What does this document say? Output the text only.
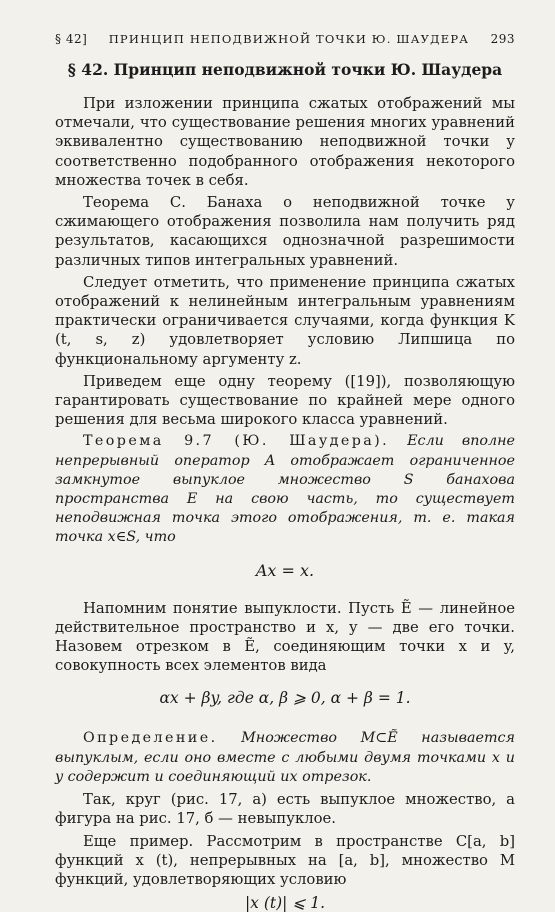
§ 42]	ПРИНЦИП НЕПОДВИЖНОЙ ТОЧКИ Ю. ШАУДЕРА	293
§ 42. Принцип неподвижной точки Ю. Шаудера

При изложении принципа сжатых отображений мы отмечали, что существование решения многих уравнений эквивалентно существованию неподвижной точки у соответственно подобранного отображения некоторого множества точек в себя.

Теорема С. Банаха о неподвижной точке у сжимающего отображения позволила нам получить ряд результатов, касающихся однозначной разрешимости различных типов интегральных уравнений.

Следует отметить, что применение принципа сжатых отображений к нелинейным интегральным уравнениям практически ограничивается случаями, когда функция K (t, s, z) удовлетворяет условию Липшица по функциональному аргументу z.

Приведем еще одну теорему ([19]), позволяющую гарантировать существование по крайней мере одного решения для весьма широкого класса уравнений.

Теорема 9.7 (Ю. Шаудера). Если вполне непрерывный оператор A отображает ограниченное замкнутое выпуклое множество S банахова пространства E на свою часть, то существует неподвижная точка этого отображения, т. е. такая точка x∈S, что

Ax = x.

Напомним понятие выпуклости. Пусть Ẽ — линейное действительное пространство и x, y — две его точки. Назовем отрезком в Ẽ, соединяющим точки x и y, совокупность всех элементов вида

αx + βy, где α, β ⩾ 0, α + β = 1.

Определение. Множество M⊂Ẽ называется выпуклым, если оно вместе с любыми двумя точками x и y содержит и соединяющий их отрезок.

Так, круг (рис. 17, а) есть выпуклое множество, а фигура на рис. 17, б — невыпуклое.

Еще пример. Рассмотрим в пространстве C[a, b] функций x (t), непрерывных на [a, b], множество M функций, удовлетворяющих условию

|x (t)| ⩽ 1.
